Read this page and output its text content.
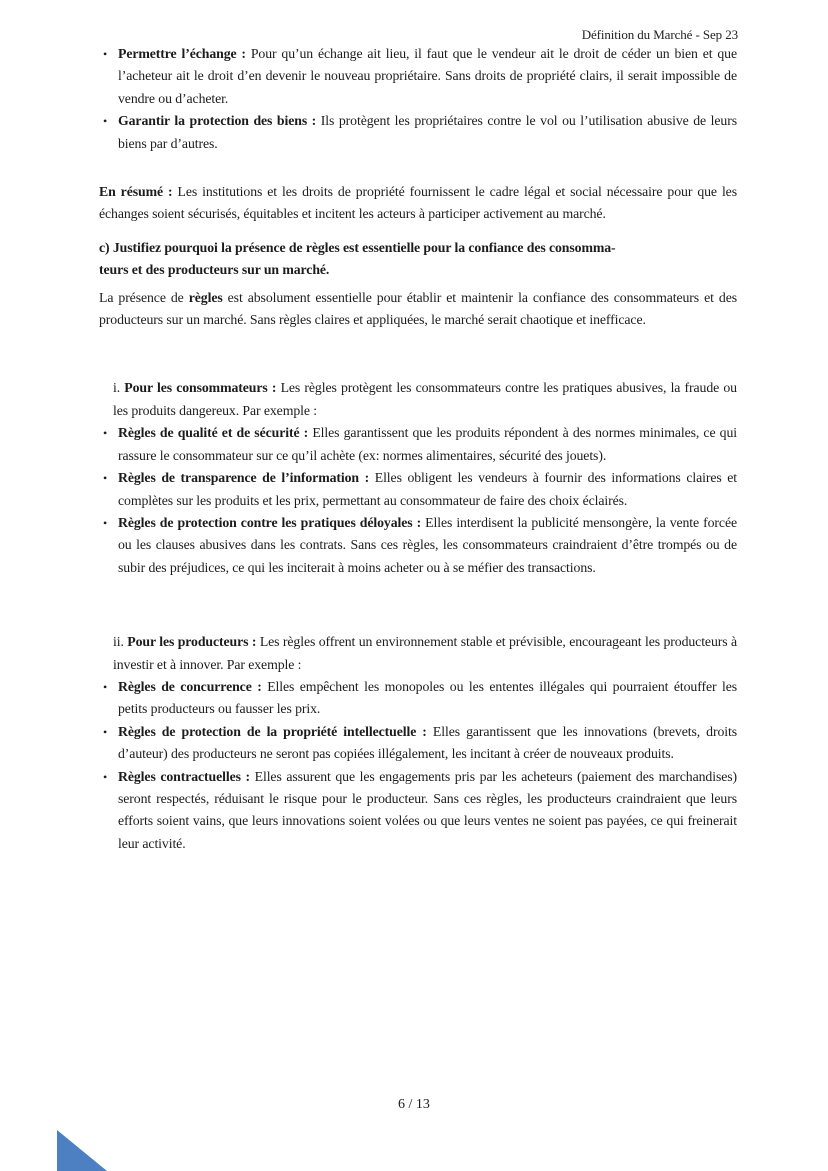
Définition du Marché - Sep 23
• Permettre l’échange : Pour qu’un échange ait lieu, il faut que le vendeur ait le droit de céder un bien et que l’acheteur ait le droit d’en devenir le nouveau propriétaire. Sans droits de propriété clairs, il serait impossible de vendre ou d’acheter.
• Garantir la protection des biens : Ils protègent les propriétaires contre le vol ou l’utilisation abusive de leurs biens par d’autres.

En résumé : Les institutions et les droits de propriété fournissent le cadre légal et social nécessaire pour que les échanges soient sécurisés, équitables et incitent les acteurs à participer activement au marché.

c) Justifiez pourquoi la présence de règles est essentielle pour la confiance des consomma-
teurs et des producteurs sur un marché.

La présence de règles est absolument essentielle pour établir et maintenir la confiance des consommateurs et des producteurs sur un marché. Sans règles claires et appliquées, le marché serait chaotique et inefficace.

i. Pour les consommateurs : Les règles protègent les consommateurs contre les pratiques abusives, la fraude ou les produits dangereux. Par exemple :

• Règles de qualité et de sécurité : Elles garantissent que les produits répondent à des normes minimales, ce qui rassure le consommateur sur ce qu’il achète (ex: normes alimentaires, sécurité des jouets).
• Règles de transparence de l’information : Elles obligent les vendeurs à fournir des informations claires et complètes sur les produits et les prix, permettant au consommateur de faire des choix éclairés.
• Règles de protection contre les pratiques déloyales : Elles interdisent la publicité mensongère, la vente forcée ou les clauses abusives dans les contrats. Sans ces règles, les consommateurs craindraient d’être trompés ou de subir des préjudices, ce qui les inciterait à moins acheter ou à se méfier des transactions.

ii. Pour les producteurs : Les règles offrent un environnement stable et prévisible, encourageant les producteurs à investir et à innover. Par exemple :

• Règles de concurrence : Elles empêchent les monopoles ou les ententes illégales qui pourraient étouffer les petits producteurs ou fausser les prix.
• Règles de protection de la propriété intellectuelle : Elles garantissent que les innovations (brevets, droits d’auteur) des producteurs ne seront pas copiées illégalement, les incitant à créer de nouveaux produits.
• Règles contractuelles : Elles assurent que les engagements pris par les acheteurs (paiement des marchandises) seront respectés, réduisant le risque pour le producteur. Sans ces règles, les producteurs craindraient que leurs efforts soient vains, que leurs innovations soient volées ou que leurs ventes ne soient pas payées, ce qui freinerait leur activité.
6 / 13
